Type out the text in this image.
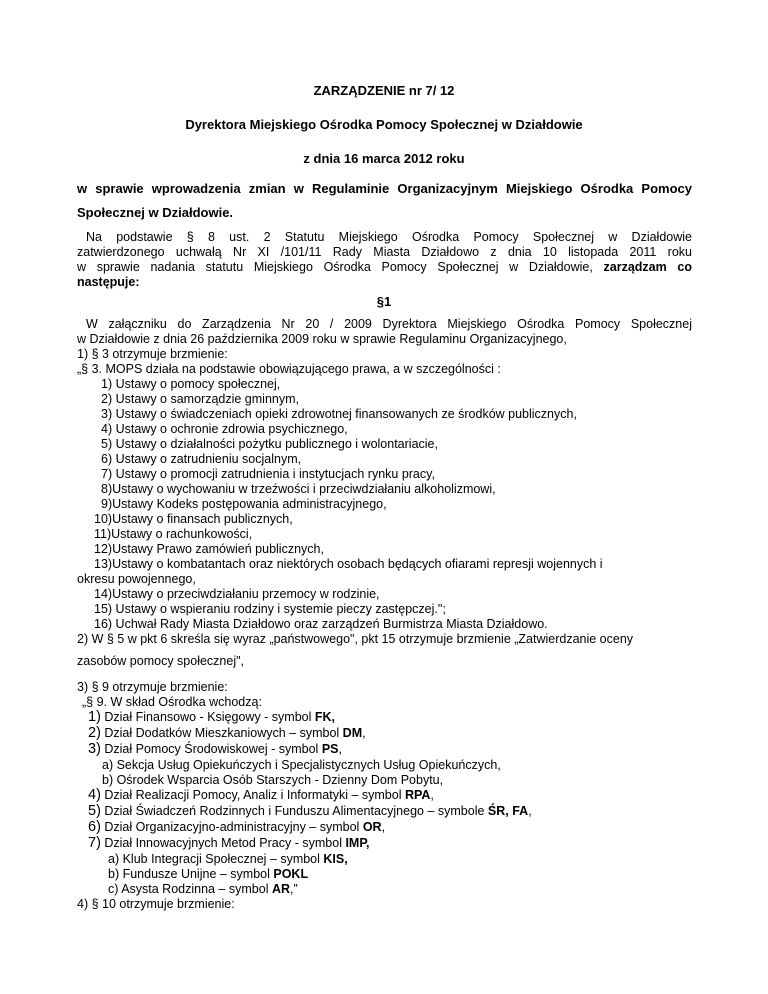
ZARZĄDZENIE nr 7/ 12
Dyrektora Miejskiego Ośrodka Pomocy Społecznej w Działdowie
z dnia 16 marca 2012 roku
w sprawie wprowadzenia zmian w Regulaminie Organizacyjnym Miejskiego Ośrodka Pomocy
Społecznej w Działdowie.
Na podstawie § 8 ust. 2 Statutu Miejskiego Ośrodka Pomocy Społecznej w Działdowie
zatwierdzonego uchwałą Nr XI /101/11 Rady Miasta Działdowo z dnia 10 listopada 2011 roku
w sprawie nadania statutu Miejskiego Ośrodka Pomocy Społecznej w Działdowie, zarządzam co
następuje:
§1
W załączniku do Zarządzenia Nr 20 / 2009 Dyrektora Miejskiego Ośrodka Pomocy Społecznej
w Działdowie z dnia 26 października 2009 roku w sprawie Regulaminu Organizacyjnego,
1) § 3 otrzymuje brzmienie:
„§ 3. MOPS działa na podstawie obowiązującego prawa, a w szczególności :
1) Ustawy o pomocy społecznej,
2) Ustawy o samorządzie gminnym,
3) Ustawy o świadczeniach opieki zdrowotnej finansowanych ze środków publicznych,
4) Ustawy o ochronie zdrowia psychicznego,
5) Ustawy o działalności pożytku publicznego i wolontariacie,
6) Ustawy o zatrudnieniu socjalnym,
7) Ustawy o promocji zatrudnienia i instytucjach rynku pracy,
8)Ustawy o wychowaniu w trzeźwości i przeciwdziałaniu alkoholizmowi,
9)Ustawy Kodeks postępowania administracyjnego,
10)Ustawy o finansach publicznych,
11)Ustawy o rachunkowości,
12)Ustawy Prawo zamówień publicznych,
13)Ustawy o kombatantach oraz niektórych osobach będących ofiarami represji wojennych i
okresu powojennego,
14)Ustawy o przeciwdziałaniu przemocy w rodzinie,
15) Ustawy o wspieraniu rodziny i systemie pieczy zastępczej.";
16) Uchwał Rady Miasta Działdowo oraz zarządzeń Burmistrza Miasta Działdowo.
2) W § 5 w pkt 6 skreśla się wyraz „państwowego", pkt 15 otrzymuje brzmienie „Zatwierdzanie oceny
zasobów pomocy społecznej",
3) § 9 otrzymuje brzmienie:
„§ 9. W skład Ośrodka wchodzą:
1) Dział Finansowo - Księgowy - symbol FK,
2) Dział Dodatków Mieszkaniowych – symbol DM,
3) Dział Pomocy Środowiskowej - symbol PS,
a) Sekcja Usług Opiekuńczych i Specjalistycznych Usług Opiekuńczych,
b) Ośrodek Wsparcia Osób Starszych - Dzienny Dom Pobytu,
4) Dział Realizacji Pomocy, Analiz i Informatyki – symbol RPA,
5) Dział Świadczeń Rodzinnych i Funduszu Alimentacyjnego – symbole ŚR, FA,
6) Dział Organizacyjno-administracyjny – symbol OR,
7) Dział Innowacyjnych Metod Pracy - symbol IMP,
a) Klub Integracji Społecznej – symbol KIS,
b) Fundusze Unijne – symbol POKL
c) Asysta Rodzinna – symbol AR,”
4) § 10 otrzymuje brzmienie:
